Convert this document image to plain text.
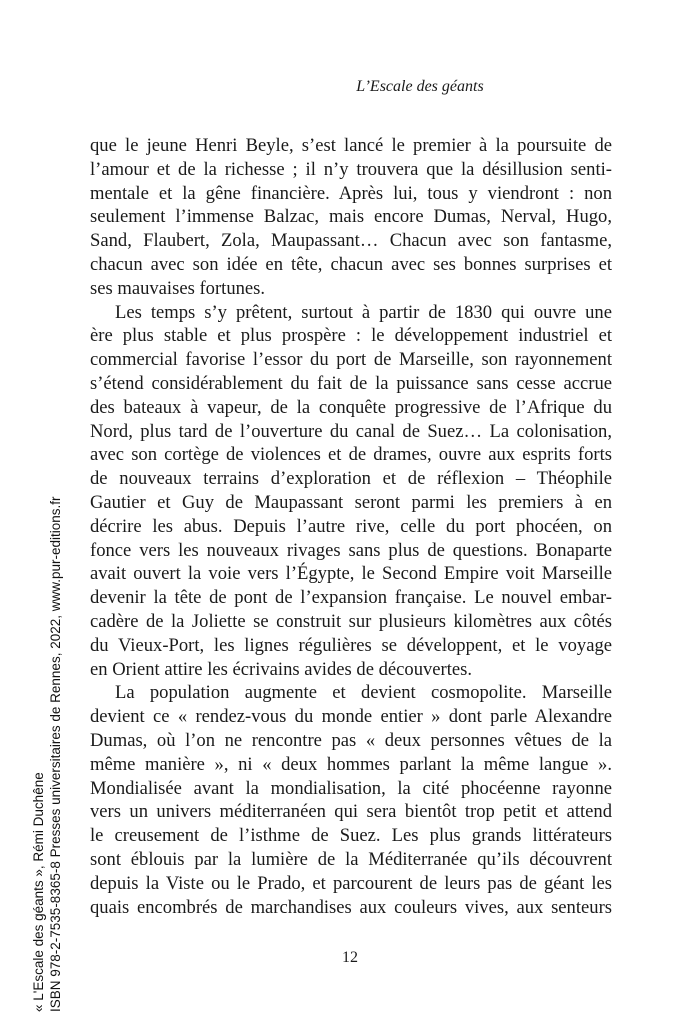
L’Escale des géants
que le jeune Henri Beyle, s’est lancé le premier à la poursuite de
l’amour et de la richesse ; il n’y trouvera que la désillusion senti-
mentale et la gêne financière. Après lui, tous y viendront : non
seulement l’immense Balzac, mais encore Dumas, Nerval, Hugo,
Sand, Flaubert, Zola, Maupassant… Chacun avec son fantasme,
chacun avec son idée en tête, chacun avec ses bonnes surprises et
ses mauvaises fortunes.
Les temps s’y prêtent, surtout à partir de 1830 qui ouvre une
ère plus stable et plus prospère : le développement industriel et
commercial favorise l’essor du port de Marseille, son rayonnement
s’étend considérablement du fait de la puissance sans cesse accrue
des bateaux à vapeur, de la conquête progressive de l’Afrique du
Nord, plus tard de l’ouverture du canal de Suez… La colonisation,
avec son cortège de violences et de drames, ouvre aux esprits forts
de nouveaux terrains d’exploration et de réflexion – Théophile
Gautier et Guy de Maupassant seront parmi les premiers à en
décrire les abus. Depuis l’autre rive, celle du port phocéen, on
fonce vers les nouveaux rivages sans plus de questions. Bonaparte
avait ouvert la voie vers l’Égypte, le Second Empire voit Marseille
devenir la tête de pont de l’expansion française. Le nouvel embar-
cadère de la Joliette se construit sur plusieurs kilomètres aux côtés
du Vieux-Port, les lignes régulières se développent, et le voyage
en Orient attire les écrivains avides de découvertes.
La population augmente et devient cosmopolite. Marseille
devient ce « rendez-vous du monde entier » dont parle Alexandre
Dumas, où l’on ne rencontre pas « deux personnes vêtues de la
même manière », ni « deux hommes parlant la même langue ».
Mondialisée avant la mondialisation, la cité phocéenne rayonne
vers un univers méditerranéen qui sera bientôt trop petit et attend
le creusement de l’isthme de Suez. Les plus grands littérateurs
sont éblouis par la lumière de la Méditerranée qu’ils découvrent
depuis la Viste ou le Prado, et parcourent de leurs pas de géant les
quais encombrés de marchandises aux couleurs vives, aux senteurs
12
« L'Escale des géants », Rémi Duchêne ISBN 978-2-7535-8365-8 Presses universitaires de Rennes, 2022, www.pur-editions.fr
